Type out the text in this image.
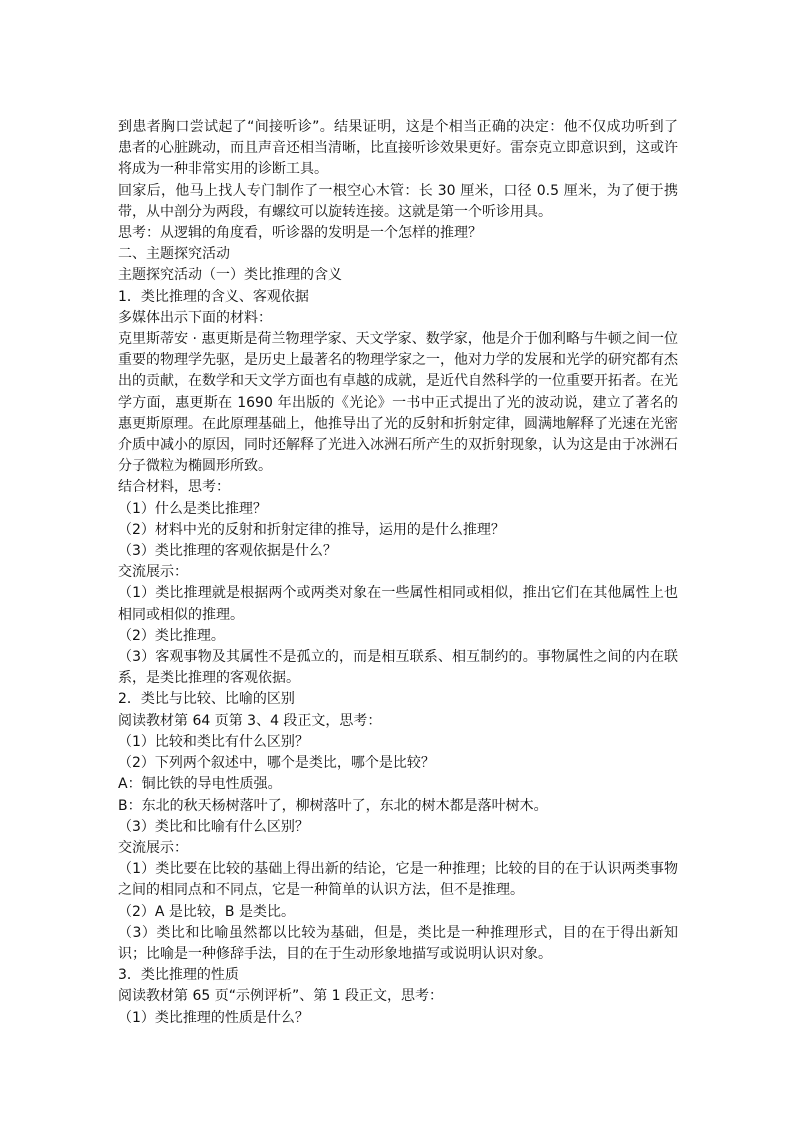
到患者胸口尝试起了“间接听诊”。结果证明，这是个相当正确的决定：他不仅成功听到了患者的心脏跳动，而且声音还相当清晰，比直接听诊效果更好。雷奈克立即意识到，这或许将成为一种非常实用的诊断工具。

回家后，他马上找人专门制作了一根空心木管：长 30 厘米，口径 0.5 厘米，为了便于携带，从中剖分为两段，有螺纹可以旋转连接。这就是第一个听诊用具。

思考：从逻辑的角度看，听诊器的发明是一个怎样的推理？

二、主题探究活动

主题探究活动（一）类比推理的含义

1．类比推理的含义、客观依据

多媒体出示下面的材料：

克里斯蒂安 · 惠更斯是荷兰物理学家、天文学家、数学家，他是介于伽利略与牛顿之间一位重要的物理学先驱，是历史上最著名的物理学家之一，他对力学的发展和光学的研究都有杰出的贡献，在数学和天文学方面也有卓越的成就，是近代自然科学的一位重要开拓者。在光学方面，惠更斯在 1690 年出版的《光论》一书中正式提出了光的波动说，建立了著名的惠更斯原理。在此原理基础上，他推导出了光的反射和折射定律，圆满地解释了光速在光密介质中减小的原因，同时还解释了光进入冰洲石所产生的双折射现象，认为这是由于冰洲石分子微粒为椭圆形所致。

结合材料，思考：

（1）什么是类比推理？

（2）材料中光的反射和折射定律的推导，运用的是什么推理？

（3）类比推理的客观依据是什么？

交流展示：

（1）类比推理就是根据两个或两类对象在一些属性相同或相似，推出它们在其他属性上也相同或相似的推理。

（2）类比推理。

（3）客观事物及其属性不是孤立的，而是相互联系、相互制约的。事物属性之间的内在联系，是类比推理的客观依据。

2．类比与比较、比喻的区别

阅读教材第 64 页第 3、4 段正文，思考：

（1）比较和类比有什么区别？

（2）下列两个叙述中，哪个是类比，哪个是比较？

A：铜比铁的导电性质强。

B：东北的秋天杨树落叶了，柳树落叶了，东北的树木都是落叶树木。

（3）类比和比喻有什么区别？

交流展示：

（1）类比要在比较的基础上得出新的结论，它是一种推理；比较的目的在于认识两类事物之间的相同点和不同点，它是一种简单的认识方法，但不是推理。

（2）A 是比较，B 是类比。

（3）类比和比喻虽然都以比较为基础，但是，类比是一种推理形式，目的在于得出新知识；比喻是一种修辞手法，目的在于生动形象地描写或说明认识对象。

3．类比推理的性质

阅读教材第 65 页“示例评析”、第 1 段正文，思考：

（1）类比推理的性质是什么？
